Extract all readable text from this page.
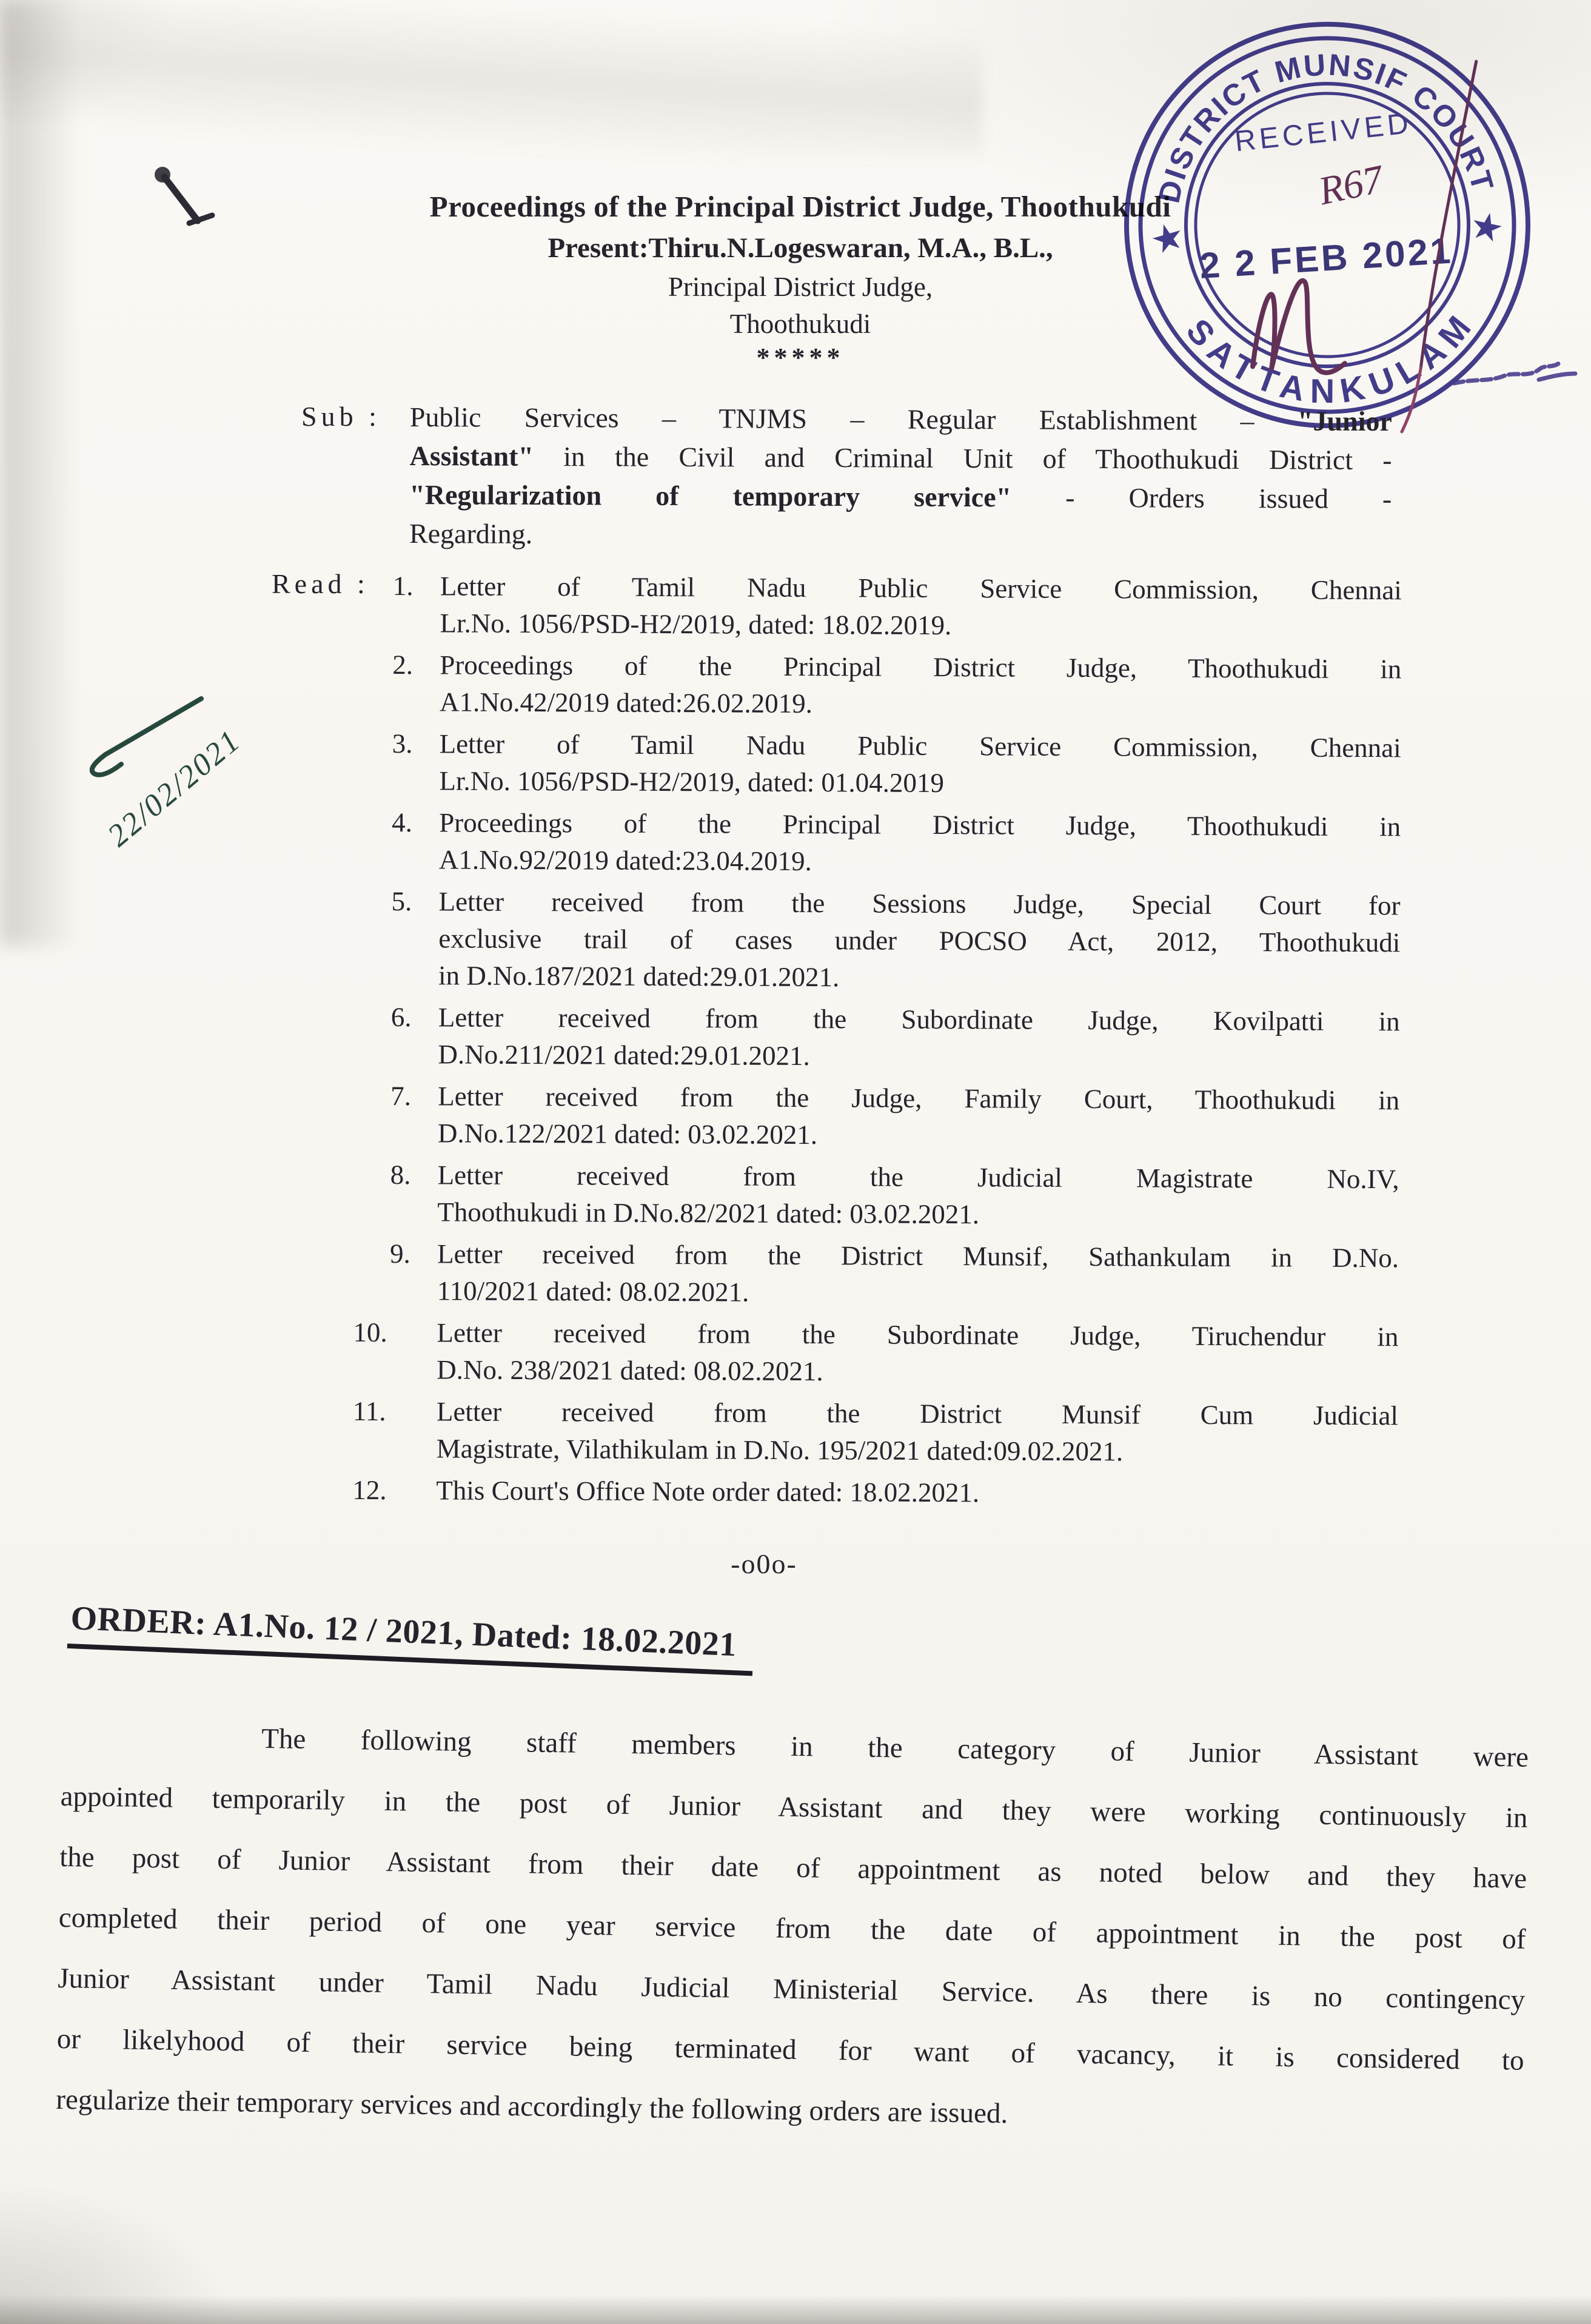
Proceedings of the Principal District Judge, Thoothukudi
Present:Thiru.N.Logeswaran, M.A., B.L.,
Principal District Judge,
Thoothukudi
*****
DISTRICT MUNSIF COURT
SATTANKULAM
★	★
RECEIVED
R67
2 2 FEB 2021
22/02/2021
Sub : Public Services – TNJMS – Regular Establishment – "Junior
Assistant" in the Civil and Criminal Unit of Thoothukudi District -
"Regularization of temporary service" - Orders issued -
Regarding.
Read : 1. Letter of Tamil Nadu Public Service Commission, Chennai
Lr.No. 1056/PSD-H2/2019, dated: 18.02.2019.
2. Proceedings of the Principal District Judge, Thoothukudi in
A1.No.42/2019 dated:26.02.2019.
3. Letter of Tamil Nadu Public Service Commission, Chennai
Lr.No. 1056/PSD-H2/2019, dated: 01.04.2019
4. Proceedings of the Principal District Judge, Thoothukudi in
A1.No.92/2019 dated:23.04.2019.
5. Letter received from the Sessions Judge, Special Court for
exclusive trail of cases under POCSO Act, 2012, Thoothukudi
in D.No.187/2021 dated:29.01.2021.
6. Letter received from the Subordinate Judge, Kovilpatti in
D.No.211/2021 dated:29.01.2021.
7. Letter received from the Judge, Family Court, Thoothukudi in
D.No.122/2021 dated: 03.02.2021.
8. Letter received from the Judicial Magistrate No.IV,
Thoothukudi in D.No.82/2021 dated: 03.02.2021.
9. Letter received from the District Munsif, Sathankulam in D.No.
110/2021 dated: 08.02.2021.
10. Letter received from the Subordinate Judge, Tiruchendur in
D.No. 238/2021 dated: 08.02.2021.
11. Letter received from the District Munsif Cum Judicial
Magistrate, Vilathikulam in D.No. 195/2021 dated:09.02.2021.
12. This Court's Office Note order dated: 18.02.2021.
-o0o-
ORDER: A1.No. 12 / 2021, Dated: 18.02.2021
The following staff members in the category of Junior Assistant were
appointed temporarily in the post of Junior Assistant and they were working continuously in
the post of Junior Assistant from their date of appointment as noted below and they have
completed their period of one year service from the date of appointment in the post of
Junior Assistant under Tamil Nadu Judicial Ministerial Service. As there is no contingency
or likelyhood of their service being terminated for want of vacancy, it is considered to
regularize their temporary services and accordingly the following orders are issued.
